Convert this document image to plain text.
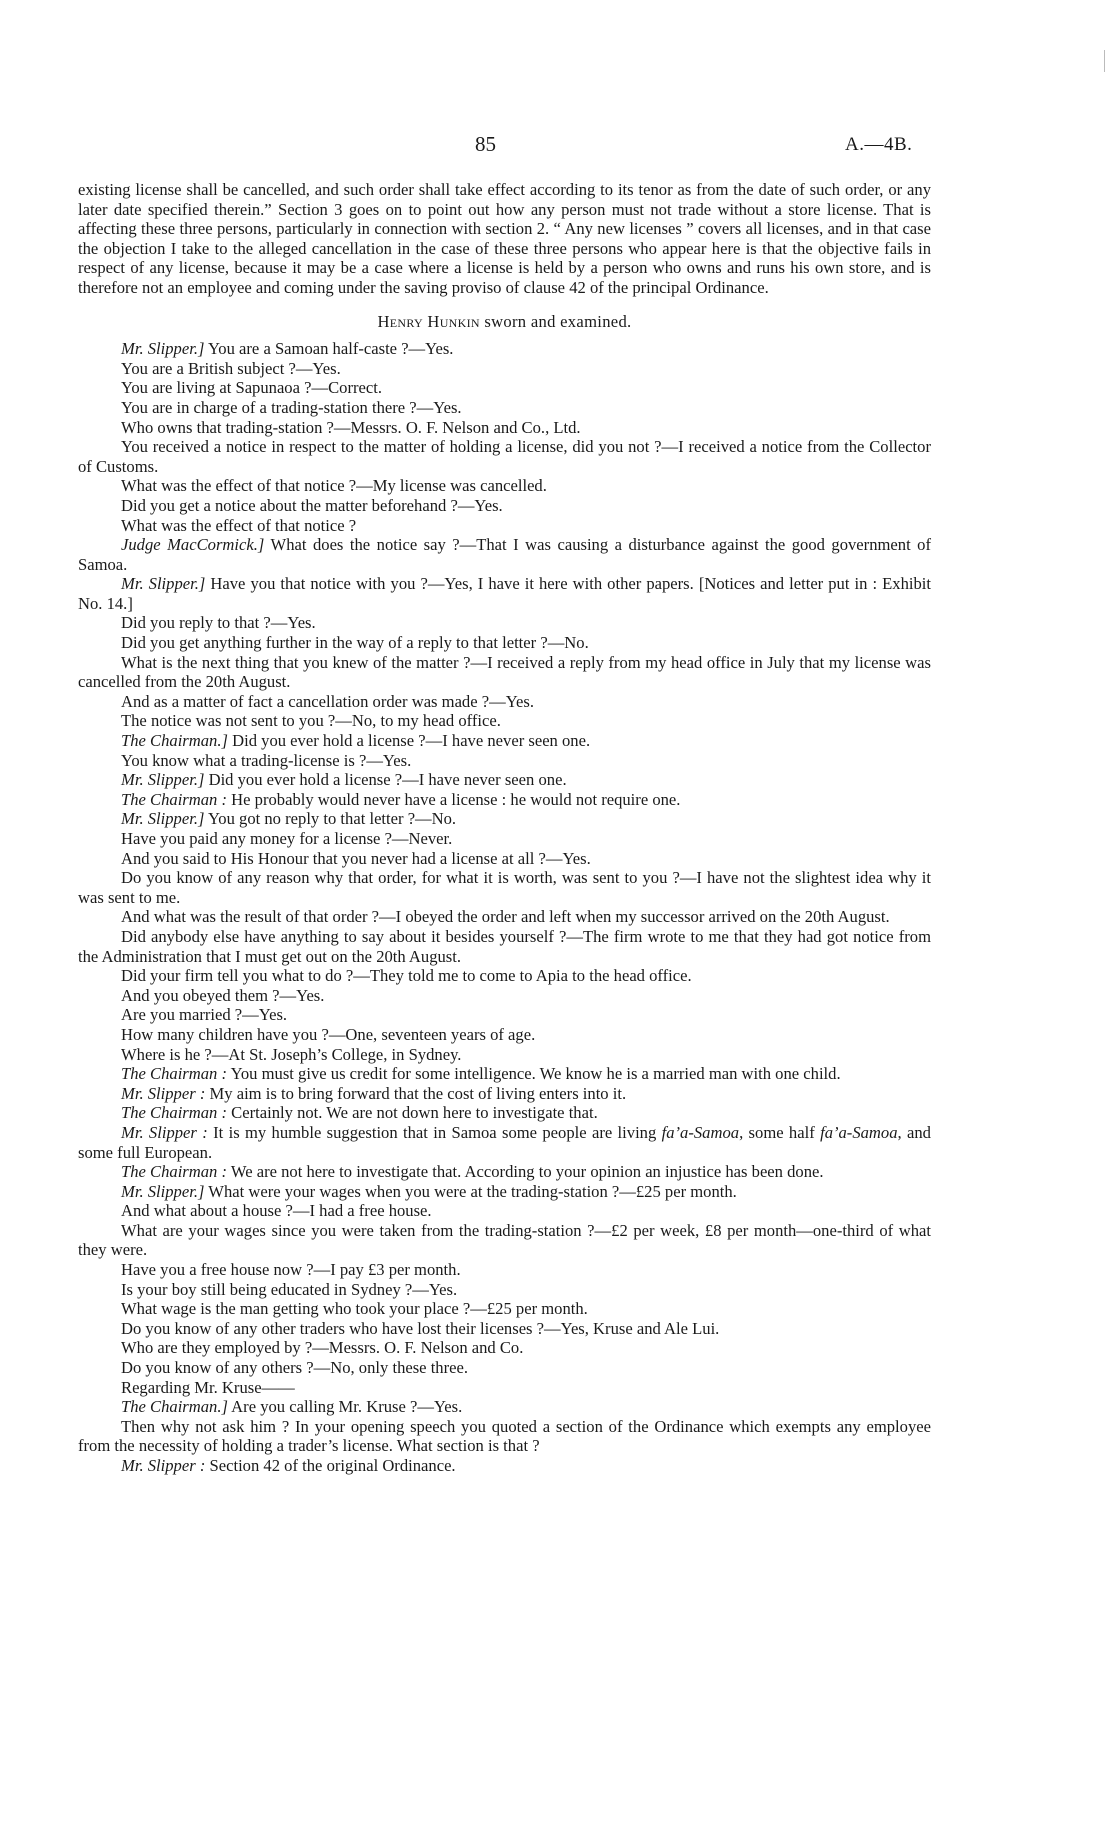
85	A.—4B.

existing license shall be cancelled, and such order shall take effect according to its tenor as from the date of such order, or any later date specified therein.” Section 3 goes on to point out how any person must not trade without a store license. That is affecting these three persons, particularly in connection with section 2. “ Any new licenses ” covers all licenses, and in that case the objection I take to the alleged cancellation in the case of these three persons who appear here is that the objective fails in respect of any license, because it may be a case where a license is held by a person who owns and runs his own store, and is therefore not an employee and coming under the saving proviso of clause 42 of the principal Ordinance.

Henry Hunkin sworn and examined.

Mr. Slipper.] You are a Samoan half-caste ?—Yes.

You are a British subject ?—Yes.

You are living at Sapunaoa ?—Correct.

You are in charge of a trading-station there ?—Yes.

Who owns that trading-station ?—Messrs. O. F. Nelson and Co., Ltd.

You received a notice in respect to the matter of holding a license, did you not ?—I received a notice from the Collector of Customs.

What was the effect of that notice ?—My license was cancelled.

Did you get a notice about the matter beforehand ?—Yes.

What was the effect of that notice ?

Judge MacCormick.] What does the notice say ?—That I was causing a disturbance against the good government of Samoa.

Mr. Slipper.] Have you that notice with you ?—Yes, I have it here with other papers. [Notices and letter put in : Exhibit No. 14.]

Did you reply to that ?—Yes.

Did you get anything further in the way of a reply to that letter ?—No.

What is the next thing that you knew of the matter ?—I received a reply from my head office in July that my license was cancelled from the 20th August.

And as a matter of fact a cancellation order was made ?—Yes.

The notice was not sent to you ?—No, to my head office.

The Chairman.] Did you ever hold a license ?—I have never seen one.

You know what a trading-license is ?—Yes.

Mr. Slipper.] Did you ever hold a license ?—I have never seen one.

The Chairman : He probably would never have a license : he would not require one.

Mr. Slipper.] You got no reply to that letter ?—No.

Have you paid any money for a license ?—Never.

And you said to His Honour that you never had a license at all ?—Yes.

Do you know of any reason why that order, for what it is worth, was sent to you ?—I have not the slightest idea why it was sent to me.

And what was the result of that order ?—I obeyed the order and left when my successor arrived on the 20th August.

Did anybody else have anything to say about it besides yourself ?—The firm wrote to me that they had got notice from the Administration that I must get out on the 20th August.

Did your firm tell you what to do ?—They told me to come to Apia to the head office.

And you obeyed them ?—Yes.

Are you married ?—Yes.

How many children have you ?—One, seventeen years of age.

Where is he ?—At St. Joseph’s College, in Sydney.

The Chairman : You must give us credit for some intelligence. We know he is a married man with one child.

Mr. Slipper : My aim is to bring forward that the cost of living enters into it.

The Chairman : Certainly not. We are not down here to investigate that.

Mr. Slipper : It is my humble suggestion that in Samoa some people are living fa’a-Samoa, some half fa’a-Samoa, and some full European.

The Chairman : We are not here to investigate that. According to your opinion an injustice has been done.

Mr. Slipper.] What were your wages when you were at the trading-station ?—£25 per month.

And what about a house ?—I had a free house.

What are your wages since you were taken from the trading-station ?—£2 per week, £8 per month—one-third of what they were.

Have you a free house now ?—I pay £3 per month.

Is your boy still being educated in Sydney ?—Yes.

What wage is the man getting who took your place ?—£25 per month.

Do you know of any other traders who have lost their licenses ?—Yes, Kruse and Ale Lui.

Who are they employed by ?—Messrs. O. F. Nelson and Co.

Do you know of any others ?—No, only these three.

Regarding Mr. Kruse——

The Chairman.] Are you calling Mr. Kruse ?—Yes.

Then why not ask him ? In your opening speech you quoted a section of the Ordinance which exempts any employee from the necessity of holding a trader’s license. What section is that ?

Mr. Slipper : Section 42 of the original Ordinance.
